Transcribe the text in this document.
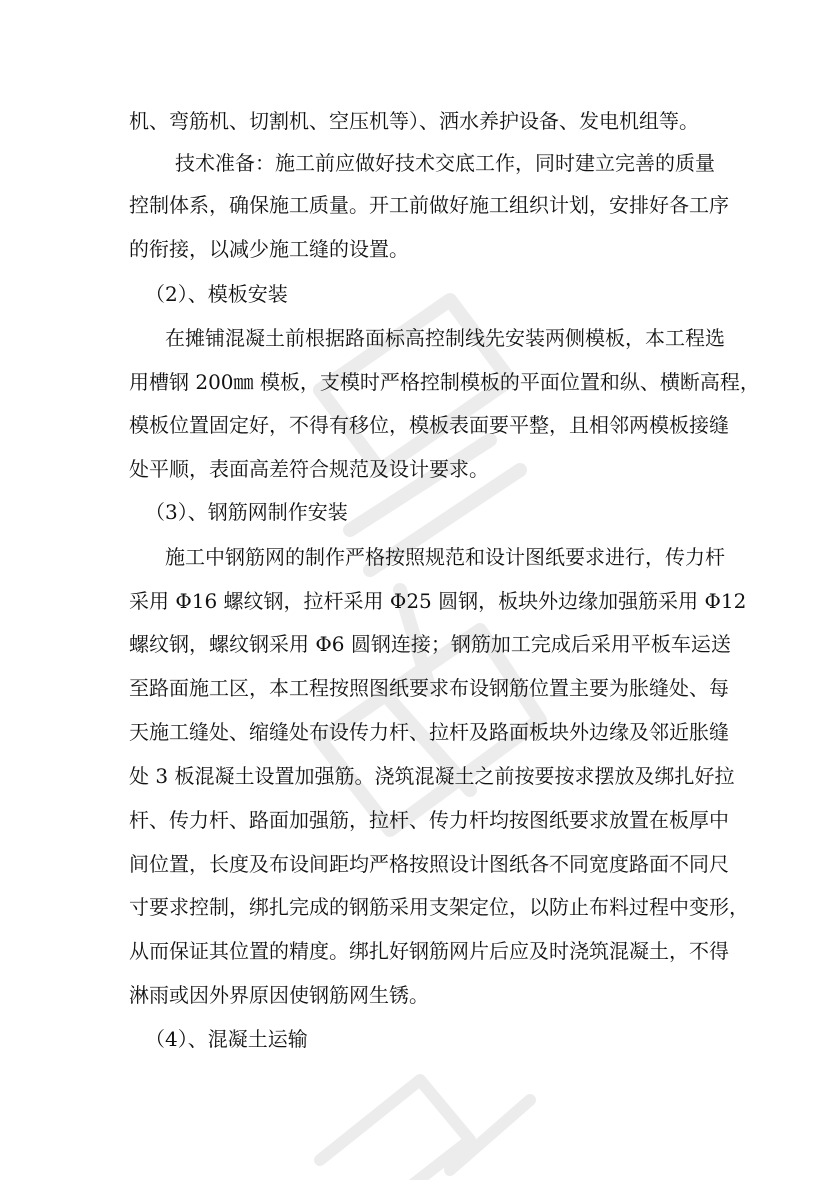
机、弯筋机、切割机、空压机等）、洒水养护设备、发电机组等。
技术准备：施工前应做好技术交底工作，同时建立完善的质量
控制体系，确保施工质量。开工前做好施工组织计划，安排好各工序
的衔接，以减少施工缝的设置。
（2）、模板安装
在摊铺混凝土前根据路面标高控制线先安装两侧模板，本工程选
用槽钢 200㎜ 模板，支模时严格控制模板的平面位置和纵、横断高程，
模板位置固定好，不得有移位，模板表面要平整，且相邻两模板接缝
处平顺，表面高差符合规范及设计要求。
（3）、钢筋网制作安装
施工中钢筋网的制作严格按照规范和设计图纸要求进行，传力杆
采用 Φ16 螺纹钢，拉杆采用 Φ25 圆钢，板块外边缘加强筋采用 Φ12
螺纹钢，螺纹钢采用 Φ6 圆钢连接；钢筋加工完成后采用平板车运送
至路面施工区，本工程按照图纸要求布设钢筋位置主要为胀缝处、每
天施工缝处、缩缝处布设传力杆、拉杆及路面板块外边缘及邻近胀缝
处 3 板混凝土设置加强筋。浇筑混凝土之前按要按求摆放及绑扎好拉
杆、传力杆、路面加强筋，拉杆、传力杆均按图纸要求放置在板厚中
间位置，长度及布设间距均严格按照设计图纸各不同宽度路面不同尺
寸要求控制，绑扎完成的钢筋采用支架定位，以防止布料过程中变形，
从而保证其位置的精度。绑扎好钢筋网片后应及时浇筑混凝土，不得
淋雨或因外界原因使钢筋网生锈。
（4）、混凝土运输
